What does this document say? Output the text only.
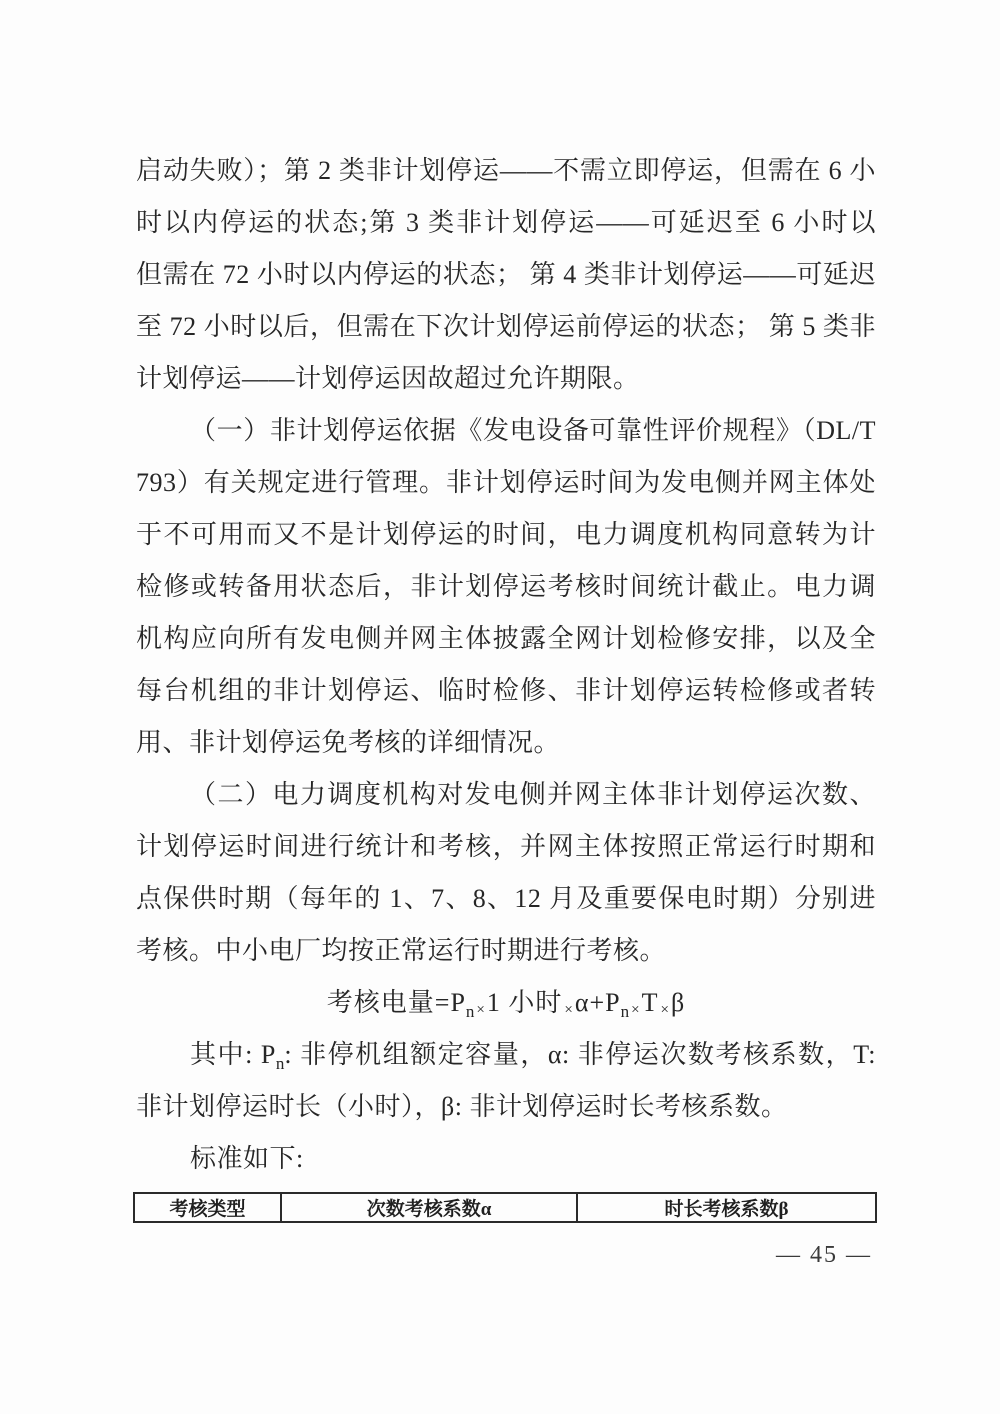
启动失败）；第 2 类非计划停运——不需立即停运，但需在 6 小
时以内停运的状态;第 3 类非计划停运——可延迟至 6 小时以
但需在 72 小时以内停运的状态； 第 4 类非计划停运——可延迟
至 72 小时以后，但需在下次计划停运前停运的状态； 第 5 类非
计划停运——计划停运因故超过允许期限。
（一）非计划停运依据《发电设备可靠性评价规程》（DL/T
793）有关规定进行管理。非计划停运时间为发电侧并网主体处
于不可用而又不是计划停运的时间，电力调度机构同意转为计
检修或转备用状态后，非计划停运考核时间统计截止。电力调
机构应向所有发电侧并网主体披露全网计划检修安排，以及全
每台机组的非计划停运、临时检修、非计划停运转检修或者转
用、非计划停运免考核的详细情况。
（二）电力调度机构对发电侧并网主体非计划停运次数、
计划停运时间进行统计和考核，并网主体按照正常运行时期和
点保供时期（每年的 1、7、8、12 月及重要保电时期）分别进
考核。中小电厂均按正常运行时期进行考核。
考核电量$=P_n \times 1$ 小时 $\times\alpha+P_n \times T \times\beta$
其中: $P_n$: 非停机组额定容量，α: 非停运次数考核系数，T:
非计划停运时长（小时），β: 非计划停运时长考核系数。
标准如下:
考核类型	次数考核系数α	时长考核系数β
— 45 —
